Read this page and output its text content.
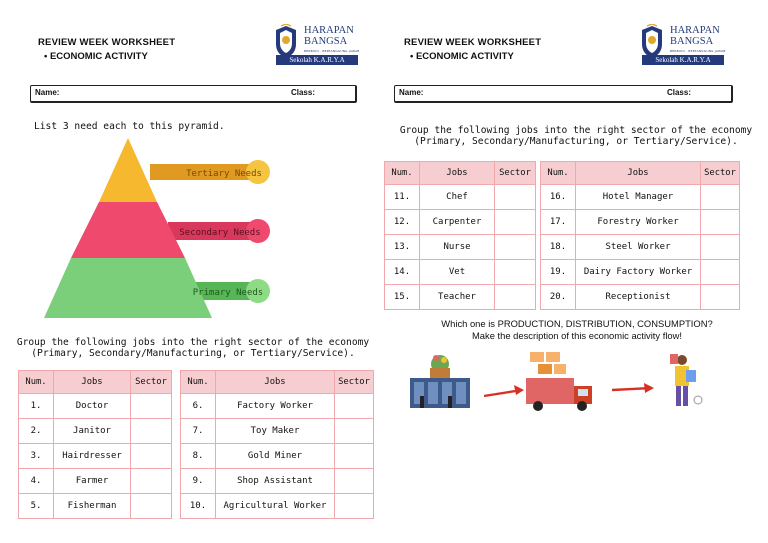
REVIEW WEEK WORKSHEET
• ECONOMIC ACTIVITY
HARAPAN
BANGSA
BERBUDI · BERTANGGUNG JAWAB
Sekolah K.A.R.Y.A
Name:	Class:
List 3 need each to this pyramid.
Tertiary Needs
Secondary Needs
Primary Needs
Group the following jobs into the right sector of the economy
(Primary, Secondary/Manufacturing, or Tertiary/Service).
Num.	Jobs	Sector
1.	Doctor	
2.	Janitor	
3.	Hairdresser	
4.	Farmer	
5.	Fisherman	
Num.	Jobs	Sector
6.	Factory Worker	
7.	Toy Maker	
8.	Gold Miner	
9.	Shop Assistant	
10.	Agricultural Worker	
REVIEW WEEK WORKSHEET
• ECONOMIC ACTIVITY
HARAPAN
BANGSA
BERBUDI · BERTANGGUNG JAWAB
Sekolah K.A.R.Y.A
Name:	Class:
Group the following jobs into the right sector of the economy
(Primary, Secondary/Manufacturing, or Tertiary/Service).
Num.	Jobs	Sector
11.	Chef	
12.	Carpenter	
13.	Nurse	
14.	Vet	
15.	Teacher	
Num.	Jobs	Sector
16.	Hotel Manager	
17.	Forestry Worker	
18.	Steel Worker	
19.	Dairy Factory Worker	
20.	Receptionist	
Which one is PRODUCTION, DISTRIBUTION, CONSUMPTION?
Make the description of this economic activity flow!
